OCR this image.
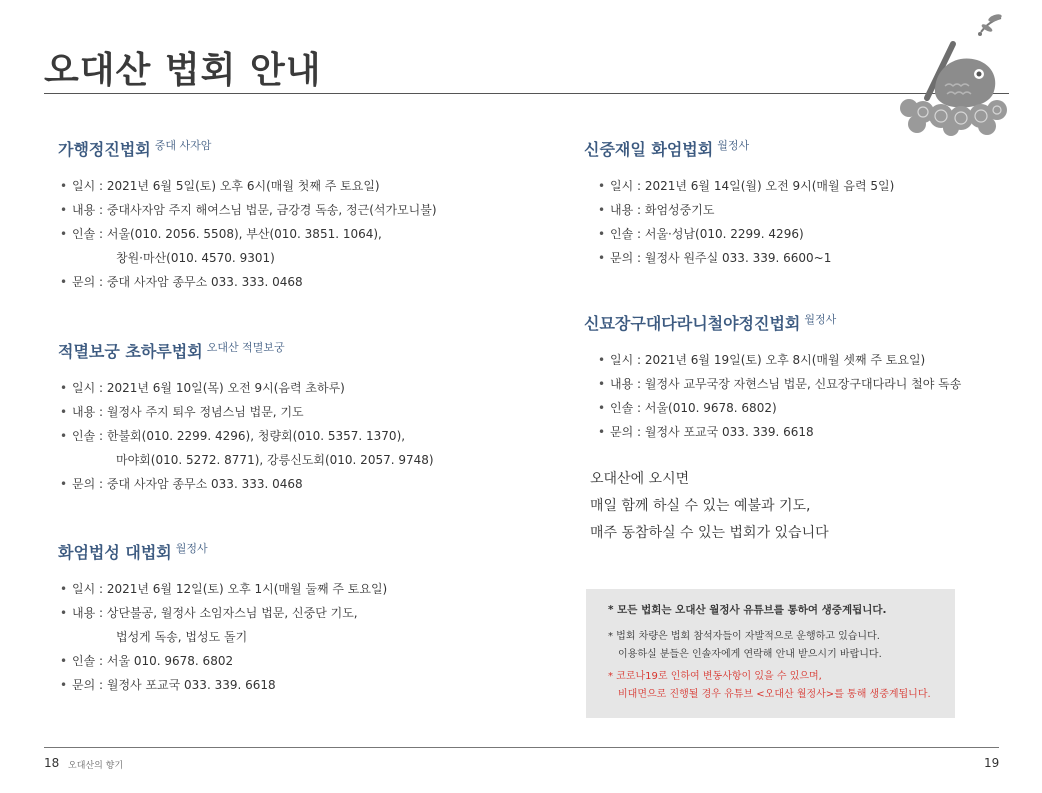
오대산 법회 안내
가행정진법회 $^{중대 사자암}$
• 일시 : 2021년 6월 5일(토) 오후 6시(매월 첫째 주 토요일)
• 내용 : 중대사자암 주지 해여스님 법문, 금강경 독송, 정근(석가모니불)
• 인솔 : 서울(010. 2056. 5508), 부산(010. 3851. 1064),
창원·마산(010. 4570. 9301)
• 문의 : 중대 사자암 종무소 033. 333. 0468
적멸보궁 초하루법회 $^{오대산 적멸보궁}$
• 일시 : 2021년 6월 10일(목) 오전 9시(음력 초하루)
• 내용 : 월정사 주지 퇴우 정념스님 법문, 기도
• 인솔 : 한불회(010. 2299. 4296), 청량회(010. 5357. 1370),
마야회(010. 5272. 8771), 강릉신도회(010. 2057. 9748)
• 문의 : 중대 사자암 종무소 033. 333. 0468
화엄법성 대법회 $^{월정사}$
• 일시 : 2021년 6월 12일(토) 오후 1시(매월 둘째 주 토요일)
• 내용 : 상단불공, 월정사 소임자스님 법문, 신중단 기도,
법성게 독송, 법성도 돌기
• 인솔 : 서울 010. 9678. 6802
• 문의 : 월정사 포교국 033. 339. 6618
신중재일 화엄법회 $^{월정사}$
• 일시 : 2021년 6월 14일(월) 오전 9시(매월 음력 5일)
• 내용 : 화엄성중기도
• 인솔 : 서울·성남(010. 2299. 4296)
• 문의 : 월정사 원주실 033. 339. 6600~1
신묘장구대다라니철야정진법회 $^{월정사}$
• 일시 : 2021년 6월 19일(토) 오후 8시(매월 셋째 주 토요일)
• 내용 : 월정사 교무국장 자현스님 법문, 신묘장구대다라니 철야 독송
• 인솔 : 서울(010. 9678. 6802)
• 문의 : 월정사 포교국 033. 339. 6618

오대산에 오시면

매일 함께 하실 수 있는 예불과 기도,

매주 동참하실 수 있는 법회가 있습니다

* 모든 법회는 오대산 월정사 유튜브를 통하여 생중계됩니다.
* 법회 차량은 법회 참석자들이 자발적으로 운행하고 있습니다.
이용하실 분들은 인솔자에게 연락해 안내 받으시기 바랍니다.
* 코로나19로 인하여 변동사항이 있을 수 있으며,
비대면으로 진행될 경우 유튜브 <오대산 월정사>를 통해 생중계됩니다.
18 오대산의 향기	19
